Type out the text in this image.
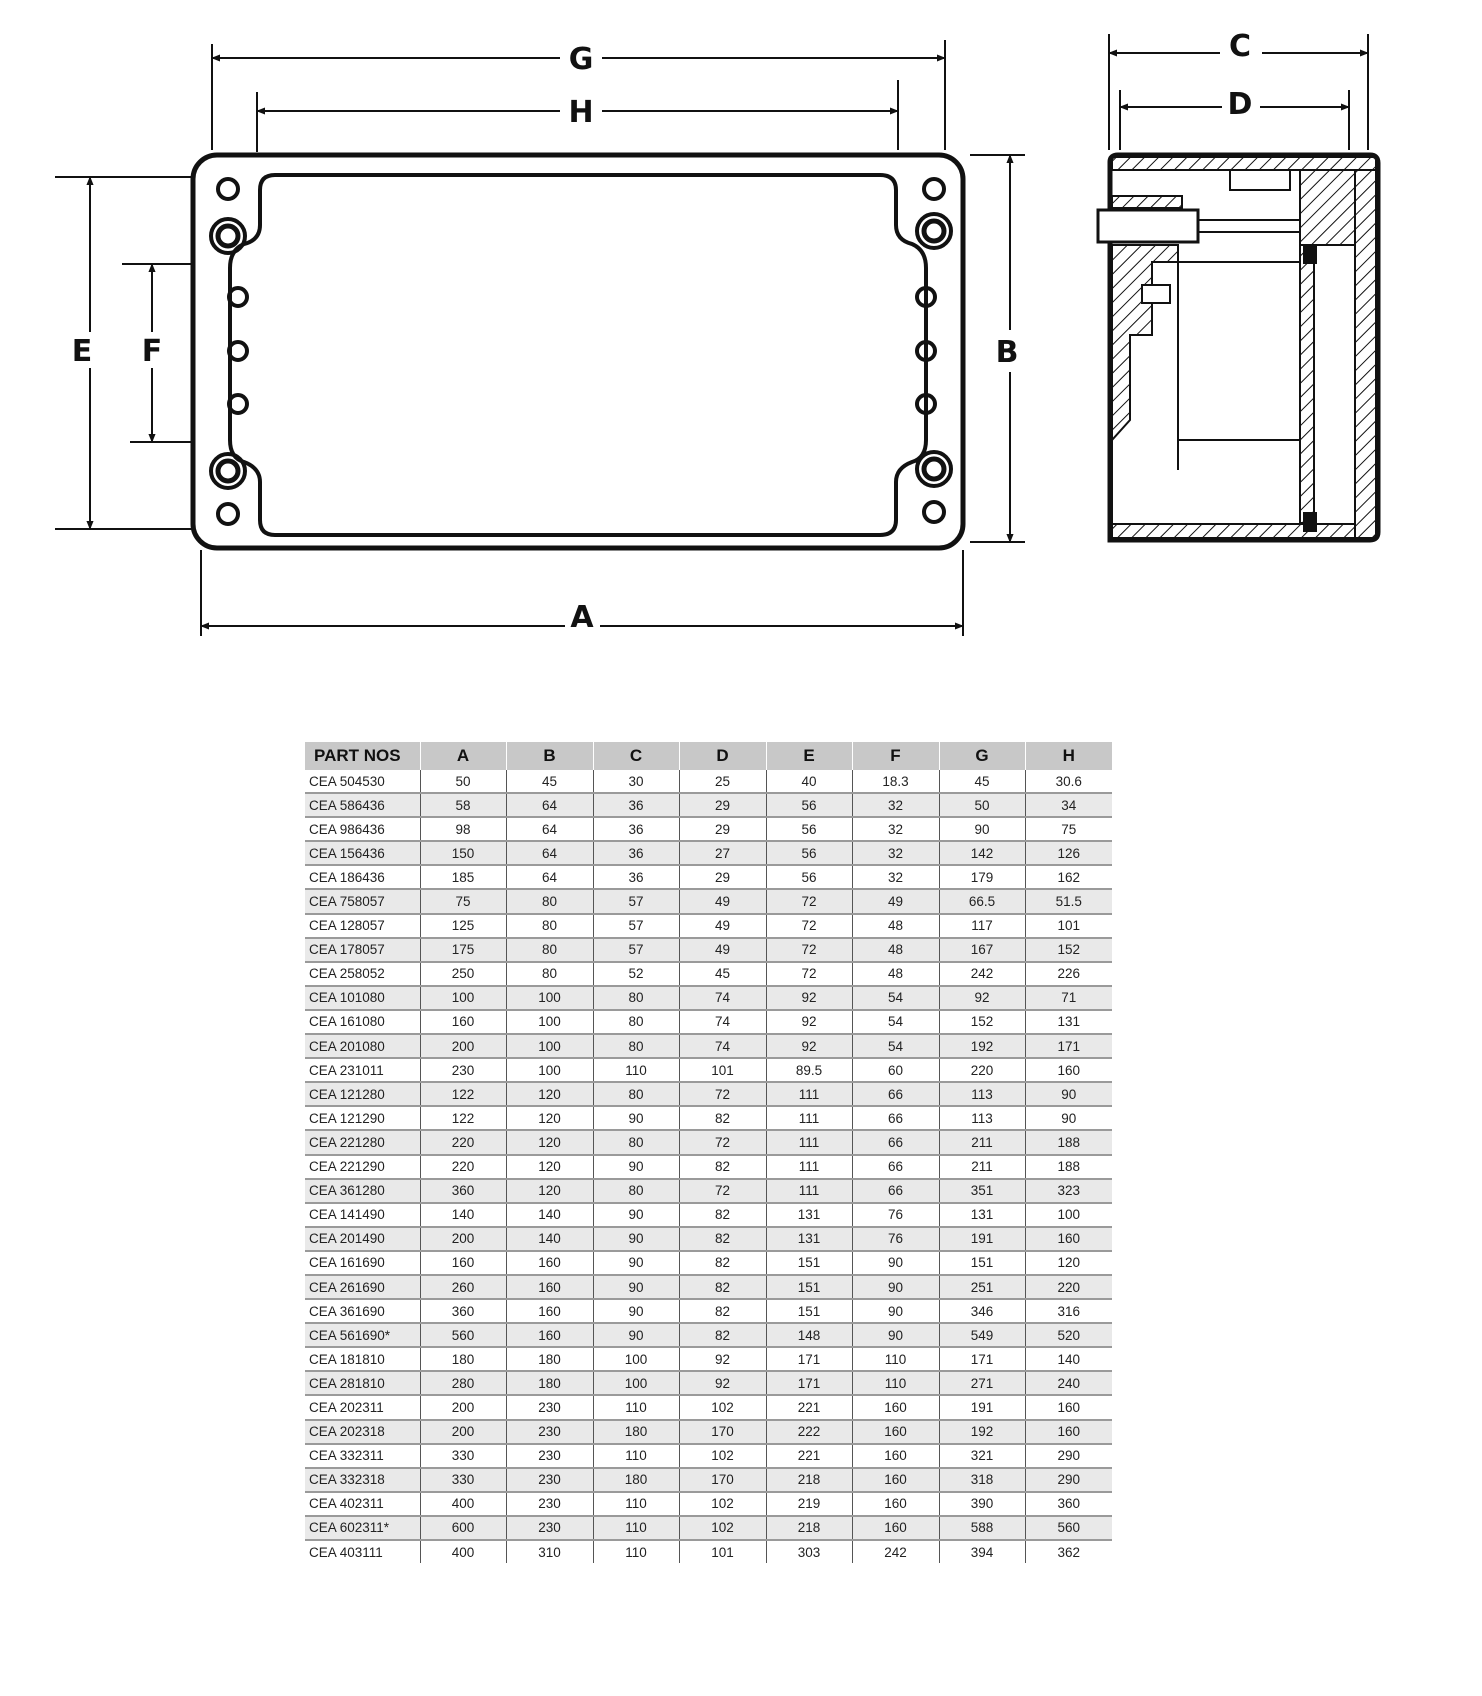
G
H
A
B
E F
C
D
PART NOS	A	B	C	D	E	F	G	H
CEA 504530	50	45	30	25	40	18.3	45	30.6
CEA 586436	58	64	36	29	56	32	50	34
CEA 986436	98	64	36	29	56	32	90	75
CEA 156436	150	64	36	27	56	32	142	126
CEA 186436	185	64	36	29	56	32	179	162
CEA 758057	75	80	57	49	72	49	66.5	51.5
CEA 128057	125	80	57	49	72	48	117	101
CEA 178057	175	80	57	49	72	48	167	152
CEA 258052	250	80	52	45	72	48	242	226
CEA 101080	100	100	80	74	92	54	92	71
CEA 161080	160	100	80	74	92	54	152	131
CEA 201080	200	100	80	74	92	54	192	171
CEA 231011	230	100	110	101	89.5	60	220	160
CEA 121280	122	120	80	72	111	66	113	90
CEA 121290	122	120	90	82	111	66	113	90
CEA 221280	220	120	80	72	111	66	211	188
CEA 221290	220	120	90	82	111	66	211	188
CEA 361280	360	120	80	72	111	66	351	323
CEA 141490	140	140	90	82	131	76	131	100
CEA 201490	200	140	90	82	131	76	191	160
CEA 161690	160	160	90	82	151	90	151	120
CEA 261690	260	160	90	82	151	90	251	220
CEA 361690	360	160	90	82	151	90	346	316
CEA 561690*	560	160	90	82	148	90	549	520
CEA 181810	180	180	100	92	171	110	171	140
CEA 281810	280	180	100	92	171	110	271	240
CEA 202311	200	230	110	102	221	160	191	160
CEA 202318	200	230	180	170	222	160	192	160
CEA 332311	330	230	110	102	221	160	321	290
CEA 332318	330	230	180	170	218	160	318	290
CEA 402311	400	230	110	102	219	160	390	360
CEA 602311*	600	230	110	102	218	160	588	560
CEA 403111	400	310	110	101	303	242	394	362
